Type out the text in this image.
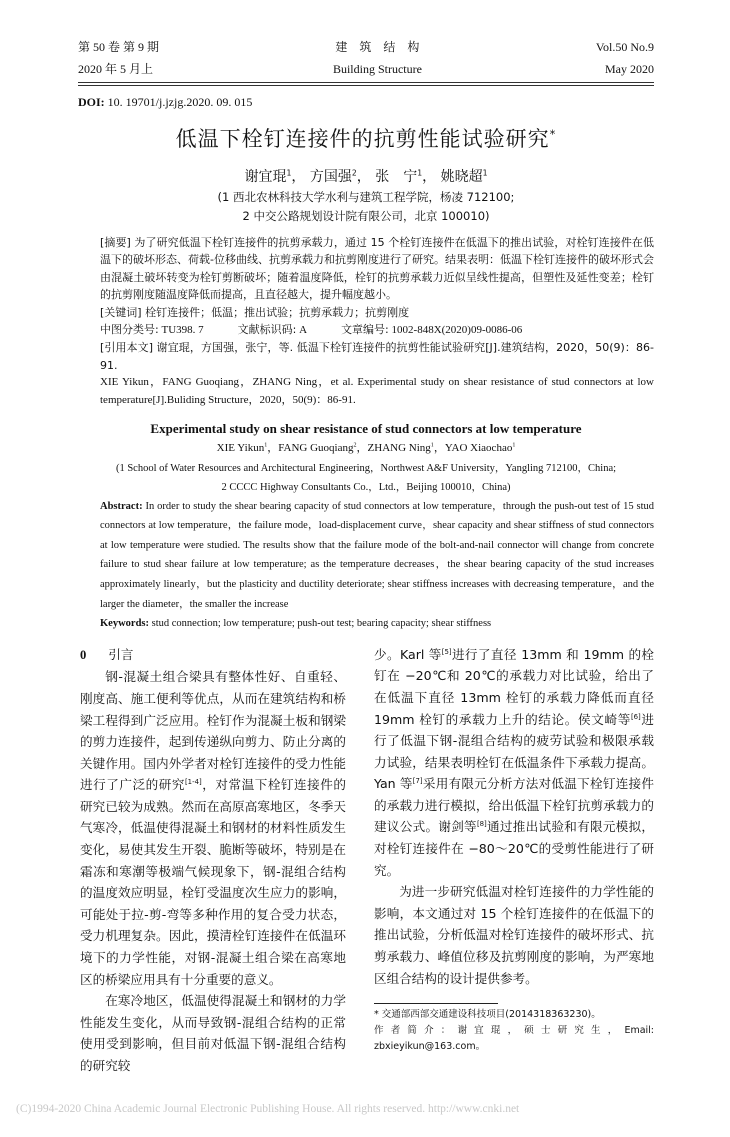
第 50 卷 第 9 期
2020 年 5 月上
建　筑　结　构
Building Structure
Vol.50 No.9
May 2020
DOI: 10. 19701/j.jzjg.2020. 09. 015
低温下栓钉连接件的抗剪性能试验研究*
谢宜琨$^1$， 方国强$^2$， 张　宁$^1$， 姚晓超$^1$
(1 西北农林科技大学水利与建筑工程学院，杨凌 712100;
2 中交公路规划设计院有限公司，北京 100010)

[摘要] 为了研究低温下栓钉连接件的抗剪承载力，通过 15 个栓钉连接件在低温下的推出试验，对栓钉连接件在低温下的破坏形态、荷载-位移曲线、抗剪承载力和抗剪刚度进行了研究。结果表明：低温下栓钉连接件的破坏形式会由混凝土破坏转变为栓钉剪断破坏；随着温度降低，栓钉的抗剪承载力近似呈线性提高，但塑性及延性变差；栓钉的抗剪刚度随温度降低而提高，且直径越大，提升幅度越小。

[关键词] 栓钉连接件；低温；推出试验；抗剪承载力；抗剪刚度

中图分类号: TU398. 7	文献标识码: A	文章编号: 1002-848X(2020)09-0086-06

[引用本文] 谢宜琨，方国强，张宁，等. 低温下栓钉连接件的抗剪性能试验研究[J].建筑结构，2020，50(9)：86-91.

XIE Yikun，FANG Guoqiang，ZHANG Ning，et al. Experimental study on shear resistance of stud connectors at low temperature[J].Buliding Structure，2020，50(9)：86-91.

Experimental study on shear resistance of stud connectors at low temperature
XIE Yikun$^1$，FANG Guoqiang$^2$，ZHANG Ning$^1$，YAO Xiaochao$^1$
(1 School of Water Resources and Architectural Engineering，Northwest A&F University，Yangling 712100，China;
2 CCCC Highway Consultants Co.，Ltd.，Beijing 100010，China)

Abstract: In order to study the shear bearing capacity of stud connectors at low temperature，through the push-out test of 15 stud connectors at low temperature，the failure mode，load-displacement curve，shear capacity and shear stiffness of stud connectors at low temperature were studied. The results show that the failure mode of the bolt-and-nail connector will change from concrete failure to stud shear failure at low temperature; as the temperature decreases，the shear bearing capacity of the stud increases approximately linearly，but the plasticity and ductility deteriorate; shear stiffness increases with decreasing temperature，and the larger the diameter，the smaller the increase

Keywords: stud connection; low temperature; push-out test; bearing capacity; shear stiffness

0 引言

钢-混凝土组合梁具有整体性好、自重轻、刚度高、施工便利等优点，从而在建筑结构和桥梁工程得到广泛应用。栓钉作为混凝土板和钢梁的剪力连接件，起到传递纵向剪力、防止分离的关键作用。国内外学者对栓钉连接件的受力性能进行了广泛的研究[1-4]，对常温下栓钉连接件的研究已较为成熟。然而在高原高寒地区，冬季天气寒冷，低温使得混凝土和钢材的材料性质发生变化，易使其发生开裂、脆断等破坏，特别是在霜冻和寒潮等极端气候现象下，钢-混组合结构的温度效应明显，栓钉受温度次生应力的影响，可能处于拉-剪-弯等多种作用的复合受力状态，受力机理复杂。因此，摸清栓钉连接件在低温环境下的力学性能，对钢-混凝土组合梁在高寒地区的桥梁应用具有十分重要的意义。

在寒冷地区，低温使得混凝土和钢材的力学性能发生变化，从而导致钢-混组合结构的正常使用受到影响，但目前对低温下钢-混组合结构的研究较

少。Karl 等[5]进行了直径 13mm 和 19mm 的栓钉在 −20℃和 20℃的承载力对比试验，给出了在低温下直径 13mm 栓钉的承载力降低而直径 19mm 栓钉的承载力上升的结论。侯文崎等[6]进行了低温下钢-混组合结构的疲劳试验和极限承载力试验，结果表明栓钉在低温条件下承载力提高。Yan 等[7]采用有限元分析方法对低温下栓钉连接件的承载力进行模拟，给出低温下栓钉抗剪承载力的建议公式。谢剑等[8]通过推出试验和有限元模拟，对栓钉连接件在 −80～20℃的受剪性能进行了研究。

为进一步研究低温对栓钉连接件的力学性能的影响，本文通过对 15 个栓钉连接件的在低温下的推出试验，分析低温对栓钉连接件的破坏形式、抗剪承载力、峰值位移及抗剪刚度的影响，为严寒地区组合结构的设计提供参考。

* 交通部西部交通建设科技项目(2014318363230)。
作者简介：谢宜琨，硕士研究生，Email: zbxieyikun@163.com。
(C)1994-2020 China Academic Journal Electronic Publishing House. All rights reserved. http://www.cnki.net
